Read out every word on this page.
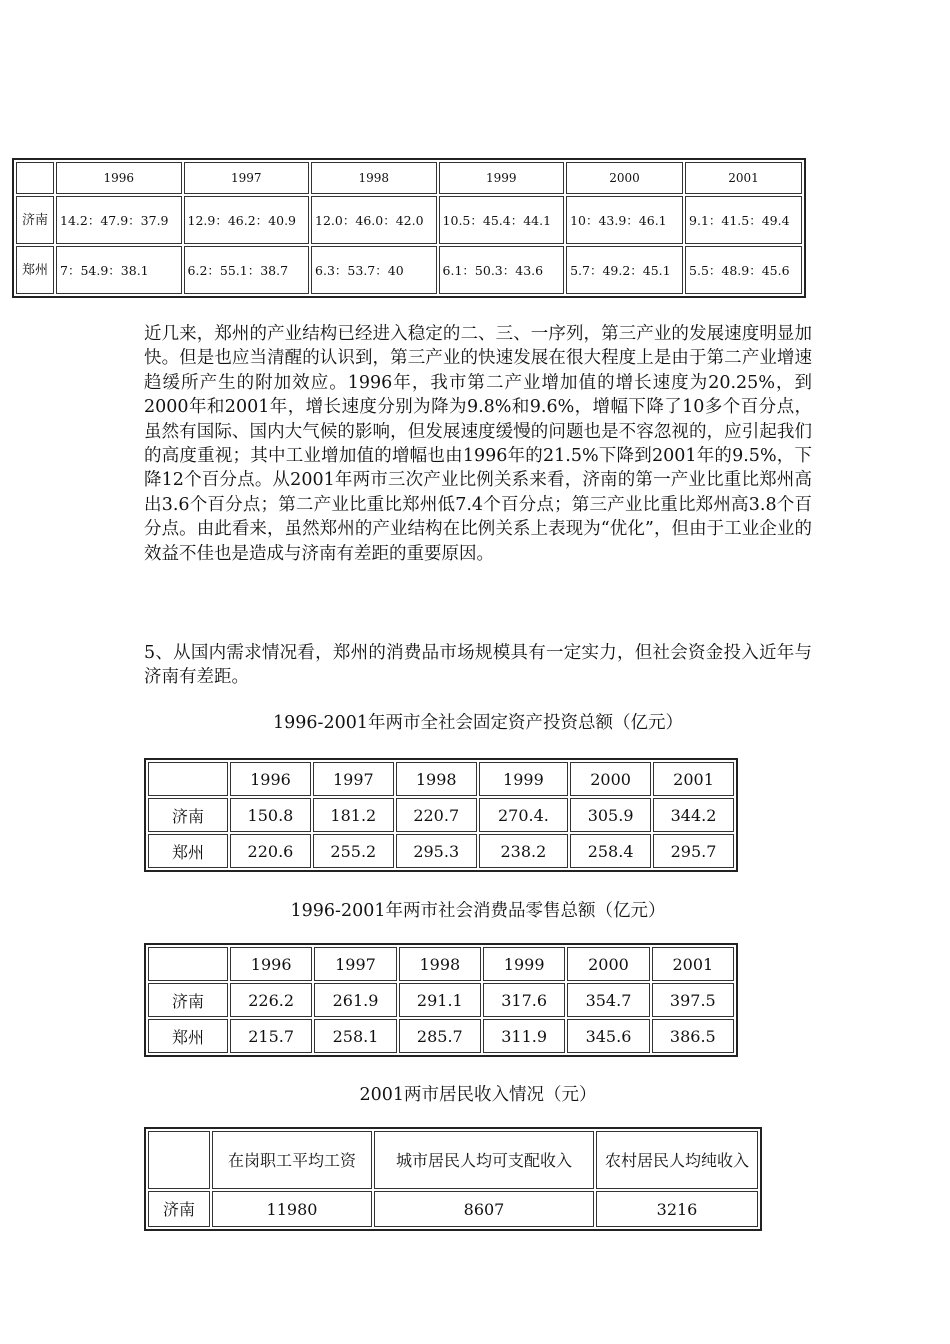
	1996	1997	1998	1999	2000	2001
济南	14.2：47.9：37.9	12.9：46.2：40.9	12.0：46.0：42.0	10.5：45.4：44.1	10：43.9：46.1	9.1：41.5：49.4
郑州	7：54.9：38.1	6.2：55.1：38.7	6.3：53.7：40	6.1：50.3：43.6	5.7：49.2：45.1	5.5：48.9：45.6
近几来，郑州的产业结构已经进入稳定的二、三、一序列，第三产业的发展速度明显加快。但是也应当清醒的认识到，第三产业的快速发展在很大程度上是由于第二产业增速趋缓所产生的附加效应。1996年，我市第二产业增加值的增长速度为20.25%，到2000年和2001年，增长速度分别为降为9.8%和9.6%，增幅下降了10多个百分点，虽然有国际、国内大气候的影响，但发展速度缓慢的问题也是不容忽视的，应引起我们的高度重视；其中工业增加值的增幅也由1996年的21.5%下降到2001年的9.5%，下降12个百分点。从2001年两市三次产业比例关系来看，济南的第一产业比重比郑州高出3.6个百分点；第二产业比重比郑州低7.4个百分点；第三产业比重比郑州高3.8个百分点。由此看来，虽然郑州的产业结构在比例关系上表现为“优化”，但由于工业企业的效益不佳也是造成与济南有差距的重要原因。
5、从国内需求情况看，郑州的消费品市场规模具有一定实力，但社会资金投入近年与济南有差距。
1996-2001年两市全社会固定资产投资总额（亿元）
	1996	1997	1998	1999	2000	2001
济南	150.8	181.2	220.7	270.4.	305.9	344.2
郑州	220.6	255.2	295.3	238.2	258.4	295.7
1996-2001年两市社会消费品零售总额（亿元）
	1996	1997	1998	1999	2000	2001
济南	226.2	261.9	291.1	317.6	354.7	397.5
郑州	215.7	258.1	285.7	311.9	345.6	386.5
2001两市居民收入情况（元）
	在岗职工平均工资	城市居民人均可支配收入	农村居民人均纯收入
济南	11980	8607	3216
